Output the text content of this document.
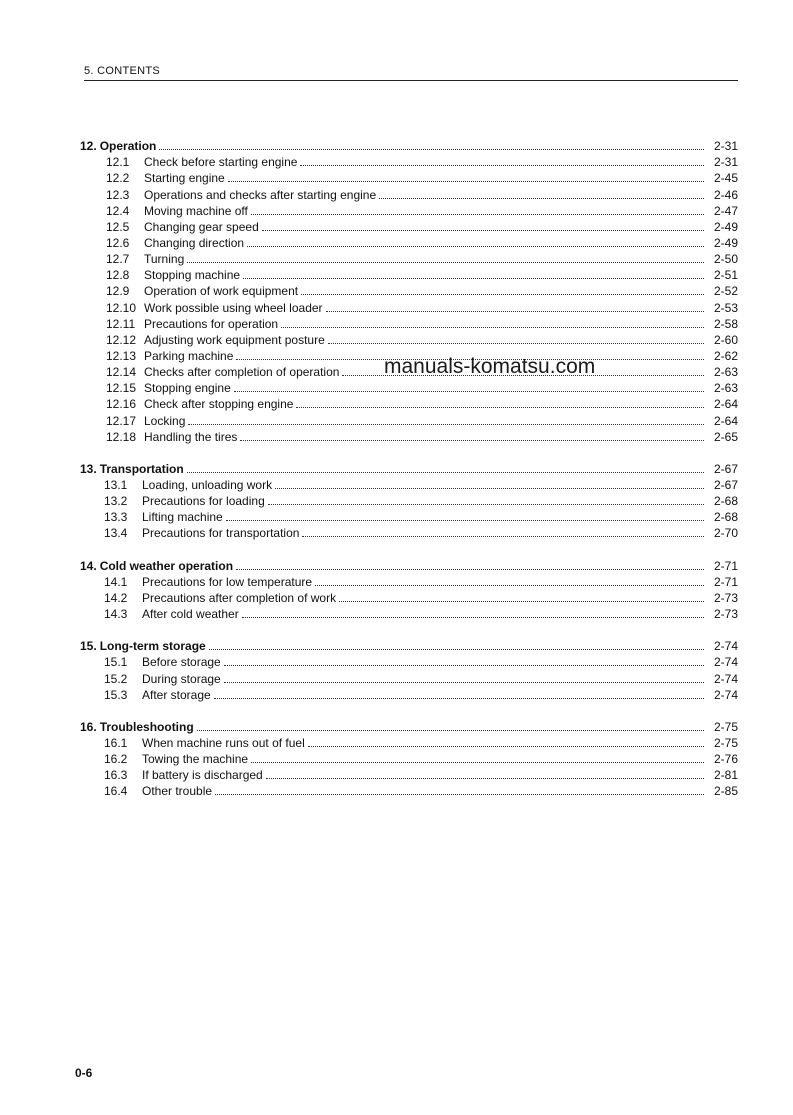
5. CONTENTS
12. Operation	2-31
12.1	Check before starting engine	2-31
12.2	Starting engine	2-45
12.3	Operations and checks after starting engine	2-46
12.4	Moving machine off	2-47
12.5	Changing gear speed	2-49
12.6	Changing direction	2-49
12.7	Turning	2-50
12.8	Stopping machine	2-51
12.9	Operation of work equipment	2-52
12.10 Work possible using wheel loader	2-53
12.11 Precautions for operation	2-58
12.12 Adjusting work equipment posture	2-60
12.13 Parking machine	2-62
12.14 Checks after completion of operation	2-63
12.15 Stopping engine	2-63
12.16 Check after stopping engine	2-64
12.17 Locking	2-64
12.18 Handling the tires	2-65
13. Transportation	2-67
13.1	Loading, unloading work	2-67
13.2	Precautions for loading	2-68
13.3	Lifting machine	2-68
13.4	Precautions for transportation	2-70
14. Cold weather operation	2-71
14.1	Precautions for low temperature	2-71
14.2	Precautions after completion of work	2-73
14.3	After cold weather	2-73
15. Long-term storage	2-74
15.1	Before storage	2-74
15.2	During storage	2-74
15.3	After storage	2-74
16. Troubleshooting	2-75
16.1	When machine runs out of fuel	2-75
16.2	Towing the machine	2-76
16.3	If battery is discharged	2-81
16.4	Other trouble	2-85
manuals-komatsu.com
0-6
